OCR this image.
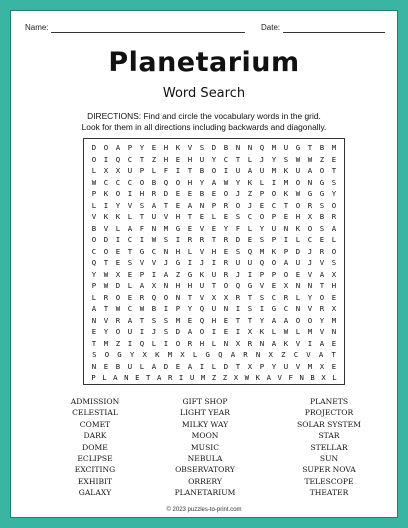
Name:	Date:
Planetarium
Word Search
DIRECTIONS: Find and circle the vocabulary words in the grid.
Look for them in all directions including backwards and diagonally.
D	O	A	P	Y	E	H	K	V	S	D	B	N	N	Q	M	U	G	T	B	M
O	I	Q	C	T	Z	H	E	H	U	Y	C	T	L	J	Y	S	W	W	Z	E
L	X	X	U	P	L	F	I	T	B	O	I	U	A	U	M	K	U	A	O	T
W	C	C	C	O	B	Q	O	H	Y	A	W	Y	K	L	I	M	O	N	G	S
P	K	O	I	H	R	D	E	E	B	E	O	J	Z	P	O	K	W	G	G	Y
L	I	Y	V	S	A	T	E	A	N	P	R	O	J	E	C	T	O	R	S	O
V	K	K	L	T	U	V	H	T	E	L	E	S	C	O	P	E	H	X	B	R
B	V	L	A	F	N	M	G	E	V	E	Y	F	L	Y	U	N	K	O	S	A
O	D	I	C	I	W	S	I	R	R	T	R	D	E	S	P	I	L	C	E	L
C	O	E	T	G	C	N	H	L	V	H	E	S	Q	M	K	P	D	J	R	O
Q	T	E	S	V	V	J	G	I	J	I	R	U	U	Q	O	A	U	J	V	S
Y	W	X	E	P	I	A	Z	G	K	U	R	J	I	P	P	O	E	V	A	X
P	W	D	L	A	X	N	H	H	U	T	O	Q	G	V	E	X	N	N	T	H
L	R	O	E	R	Q	O	N	T	V	X	X	R	T	S	C	R	L	Y	O	E
A	T	W	C	W	B	I	P	Y	Q	U	N	I	S	I	G	C	N	V	R	X
N	V	R	A	T	S	S	M	E	Q	H	E	T	T	Y	A	A	O	O	Y	M
E	Y	O	U	I	J	S	D	A	O	I	E	I	X	K	L	W	L	M	V	N
T	M	Z	I	Q	L	I	O	R	H	L	N	X	R	N	A	K	V	I	A	E
S	O	G	Y	X	K	M	X	L	G	Q	A	R	N	X	Z	C	V	A	T
N	E	B	U	L	A	D	E	A	I	L	D	T	X	P	Y	U	V	M	X	E
P L A N E T A R I U M Z Z X W K A V F N B X L
ADMISSION
CELESTIAL
COMET
DARK
DOME
ECLIPSE
EXCITING
EXHIBIT
GALAXY
GIFT SHOP
LIGHT YEAR
MILKY WAY
MOON
MUSIC
NEBULA
OBSERVATORY
ORRERY
PLANETARIUM
PLANETS
PROJECTOR
SOLAR SYSTEM
STAR
STELLAR
SUN
SUPER NOVA
TELESCOPE
THEATER
© 2023 puzzles-to-print.com
